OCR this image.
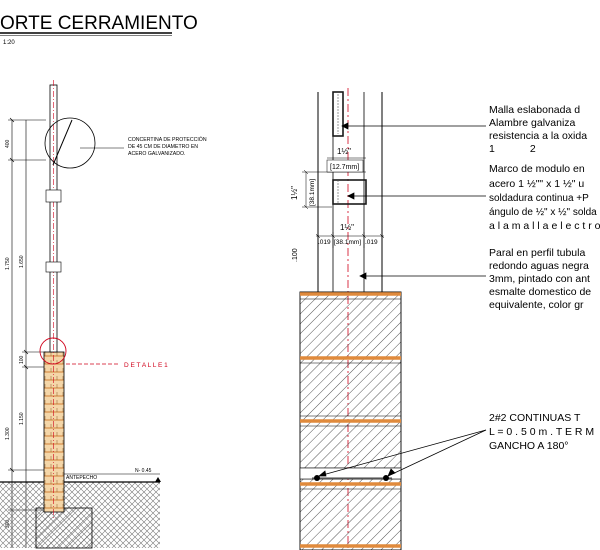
ORTE CERRAMIENTO
1:20
400
1.750
1.300
1.650
100
1.150
ANTEPECHO
N- 0.45
CONCERTINA DE PROTECCIÓN
DE 45 CM DE DIAMETRO EN
ACERO GALVANIZADO.
D E T A L L E 1
1½"
[12.7mm]
[38.1mm]
1½"
.100
1½"
.019 [38.1mm] .019
Malla eslabonada d
Alambre galvaniza
resistencia a la oxida
1            2
Marco de modulo en
acero 1 ½"" x 1 ½" u
soldadura continua +P
ángulo de ½" x ½" solda
a l a m a l l a e l e c t r o
Paral en perfil tubula
redondo aguas negra
3mm, pintado con ant
esmalte domestico de
equivalente, color gr
2#2 CONTINUAS T
L = 0 . 5 0 m . T E R M
GANCHO A 180°
